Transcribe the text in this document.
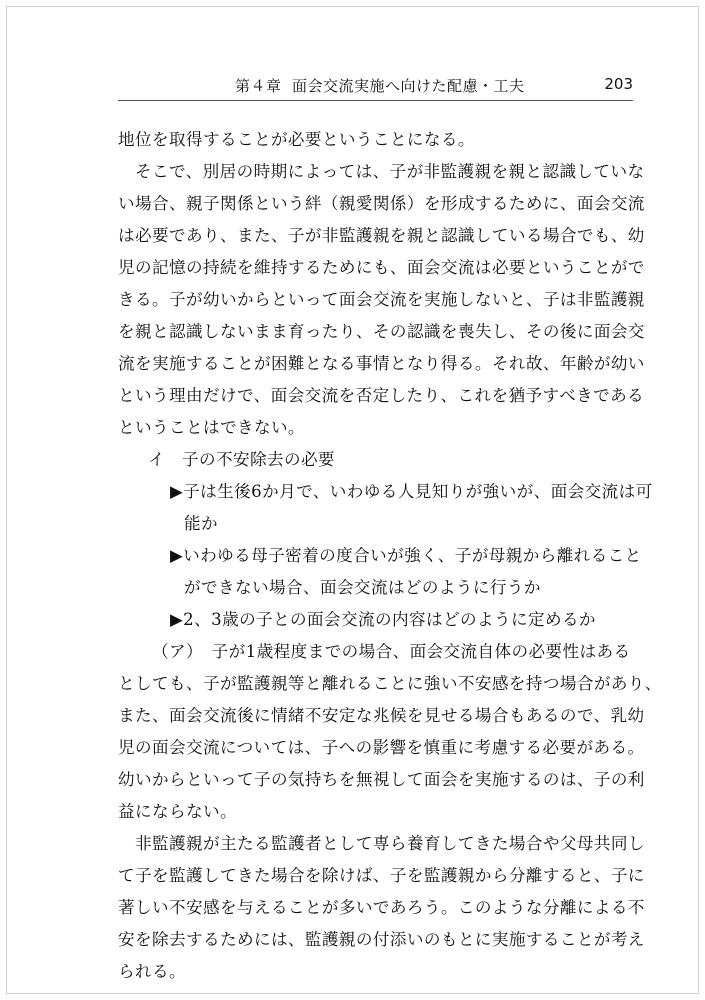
第４章 面会交流実施へ向けた配慮・工夫	203
地位を取得することが必要ということになる。
そこで、別居の時期によっては、子が非監護親を親と認識していな
い場合、親子関係という絆（親愛関係）を形成するために、面会交流
は必要であり、また、子が非監護親を親と認識している場合でも、幼
児の記憶の持続を維持するためにも、面会交流は必要ということがで
きる。子が幼いからといって面会交流を実施しないと、子は非監護親
を親と認識しないまま育ったり、その認識を喪失し、その後に面会交
流を実施することが困難となる事情となり得る。それ故、年齢が幼い
という理由だけで、面会交流を否定したり、これを猶予すべきである
ということはできない。
イ　子の不安除去の必要
▶子は生後6か月で、いわゆる人見知りが強いが、面会交流は可
能か
▶いわゆる母子密着の度合いが強く、子が母親から離れること
ができない場合、面会交流はどのように行うか
▶2、3歳の子との面会交流の内容はどのように定めるか
（ア）　子が1歳程度までの場合、面会交流自体の必要性はある
としても、子が監護親等と離れることに強い不安感を持つ場合があり、
また、面会交流後に情緒不安定な兆候を見せる場合もあるので、乳幼
児の面会交流については、子への影響を慎重に考慮する必要がある。
幼いからといって子の気持ちを無視して面会を実施するのは、子の利
益にならない。
非監護親が主たる監護者として専ら養育してきた場合や父母共同し
て子を監護してきた場合を除けば、子を監護親から分離すると、子に
著しい不安感を与えることが多いであろう。このような分離による不
安を除去するためには、監護親の付添いのもとに実施することが考え
られる。
